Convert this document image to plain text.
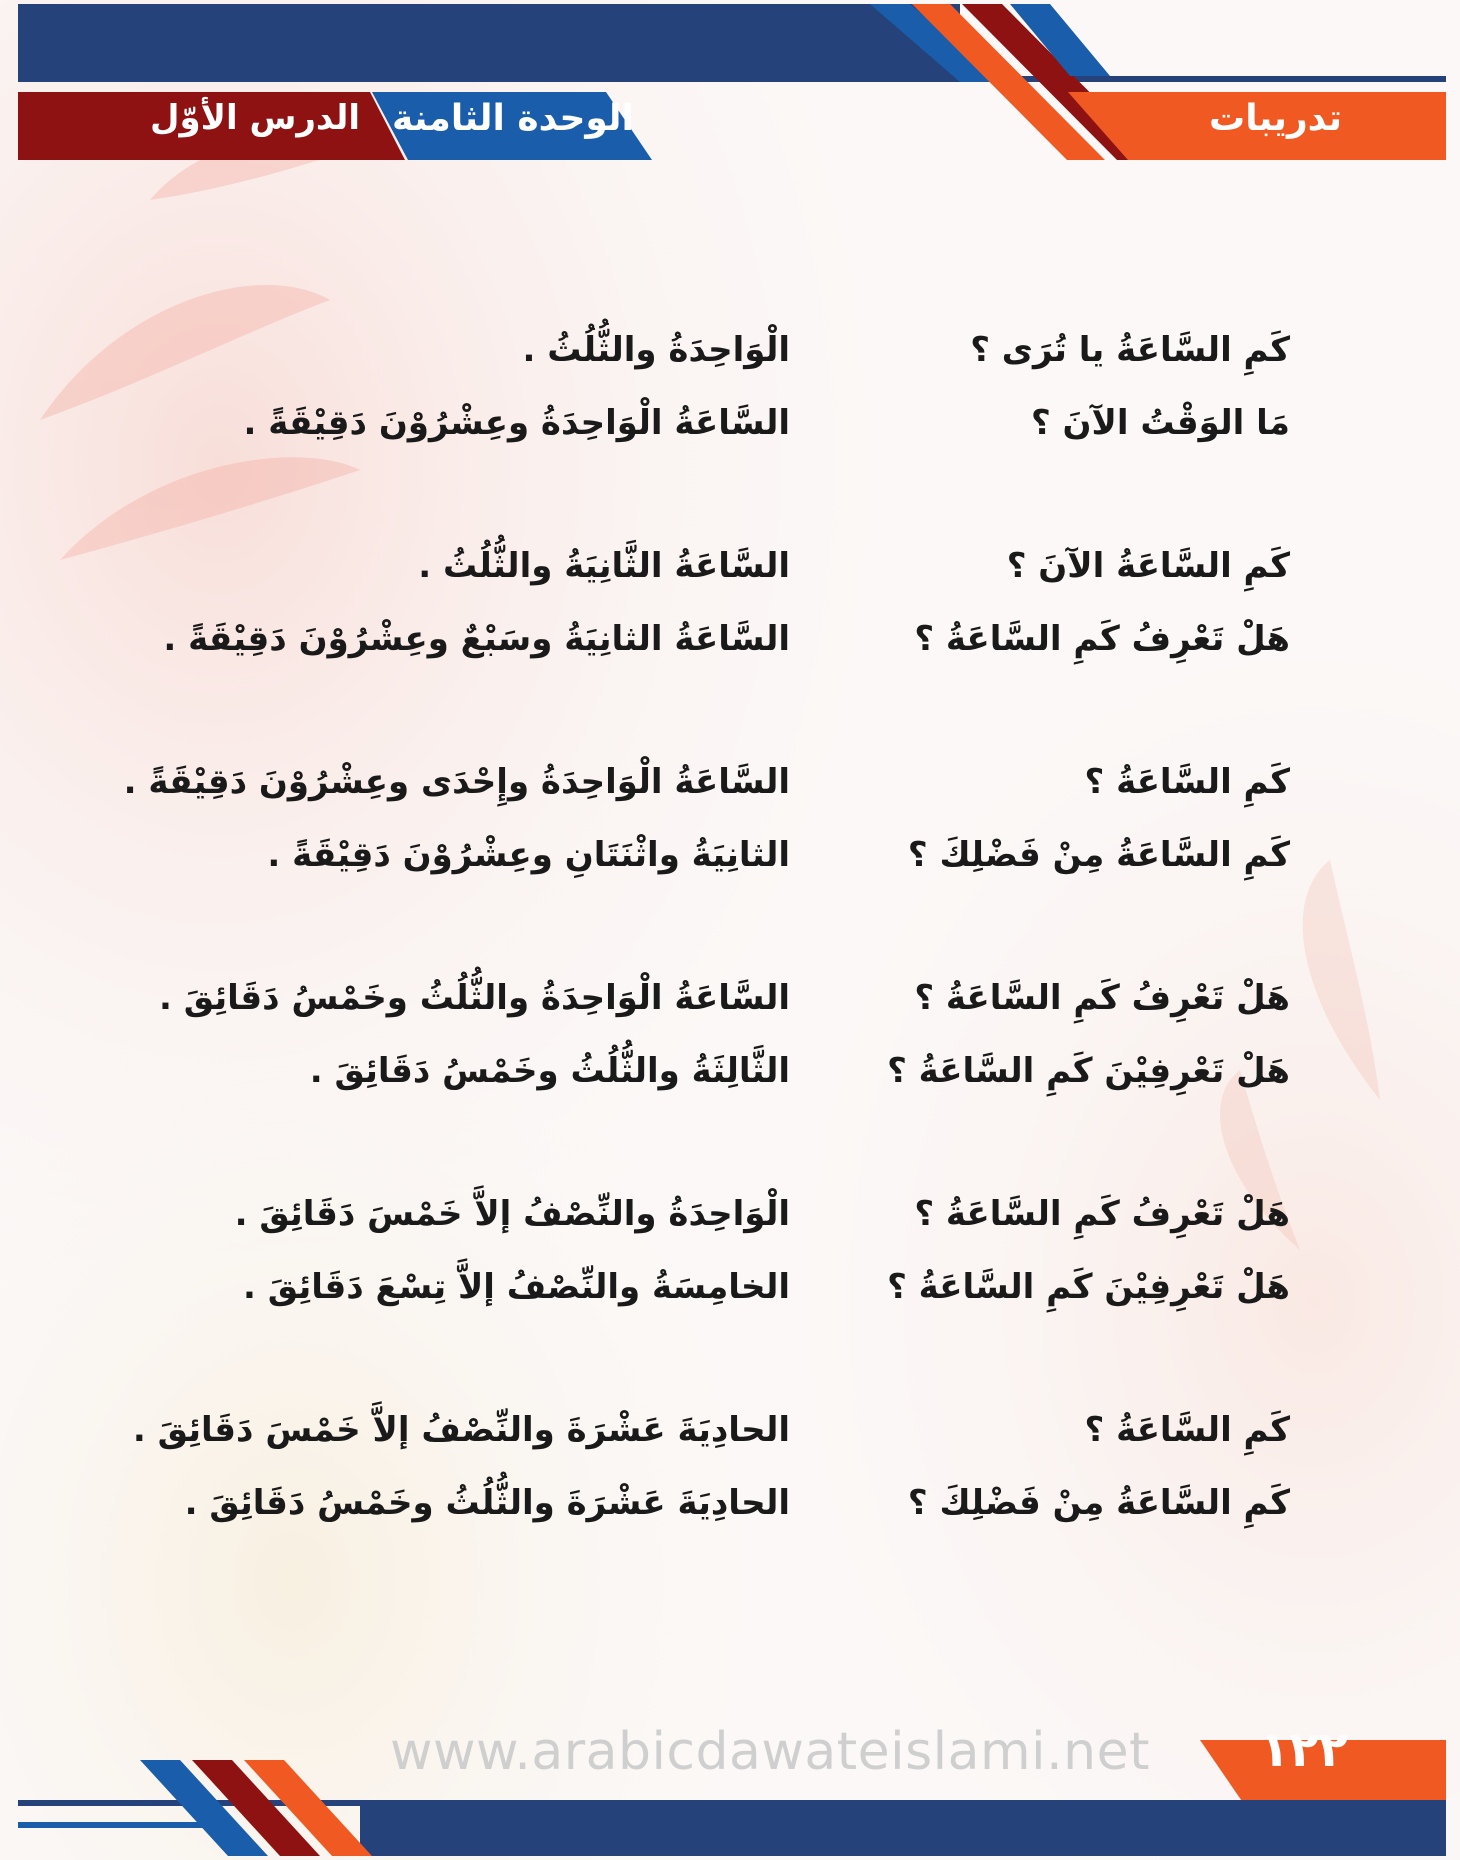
تدريبات
الوحدة الثامنة
الدرس الأوّل
كَمِ السَّاعَةُ يا تُرَى ؟
مَا الوَقْتُ الآنَ ؟
الْوَاحِدَةُ والثُّلُثُ .
السَّاعَةُ الْوَاحِدَةُ وعِشْرُوْنَ دَقِيْقَةً .
كَمِ السَّاعَةُ الآنَ ؟
هَلْ تَعْرِفُ كَمِ السَّاعَةُ ؟
السَّاعَةُ الثَّانِيَةُ والثُّلُثُ .
السَّاعَةُ الثانِيَةُ وسَبْعٌ وعِشْرُوْنَ دَقِيْقَةً .
كَمِ السَّاعَةُ ؟
كَمِ السَّاعَةُ مِنْ فَضْلِكَ ؟
السَّاعَةُ الْوَاحِدَةُ وإِحْدَى وعِشْرُوْنَ دَقِيْقَةً .
الثانِيَةُ واثْنَتَانِ وعِشْرُوْنَ دَقِيْقَةً .
هَلْ تَعْرِفُ كَمِ السَّاعَةُ ؟
هَلْ تَعْرِفِيْنَ كَمِ السَّاعَةُ ؟
السَّاعَةُ الْوَاحِدَةُ والثُّلُثُ وخَمْسُ دَقَائِقَ .
الثَّالِثَةُ والثُّلُثُ وخَمْسُ دَقَائِقَ .
هَلْ تَعْرِفُ كَمِ السَّاعَةُ ؟
هَلْ تَعْرِفِيْنَ كَمِ السَّاعَةُ ؟
الْوَاحِدَةُ والنِّصْفُ إلاَّ خَمْسَ دَقَائِقَ .
الخامِسَةُ والنِّصْفُ إلاَّ تِسْعَ دَقَائِقَ .
كَمِ السَّاعَةُ ؟
كَمِ السَّاعَةُ مِنْ فَضْلِكَ ؟
الحادِيَةَ عَشْرَةَ والنِّصْفُ إلاَّ خَمْسَ دَقَائِقَ .
الحادِيَةَ عَشْرَةَ والثُّلُثُ وخَمْسُ دَقَائِقَ .
١٢٢
www.arabicdawateislami.net
